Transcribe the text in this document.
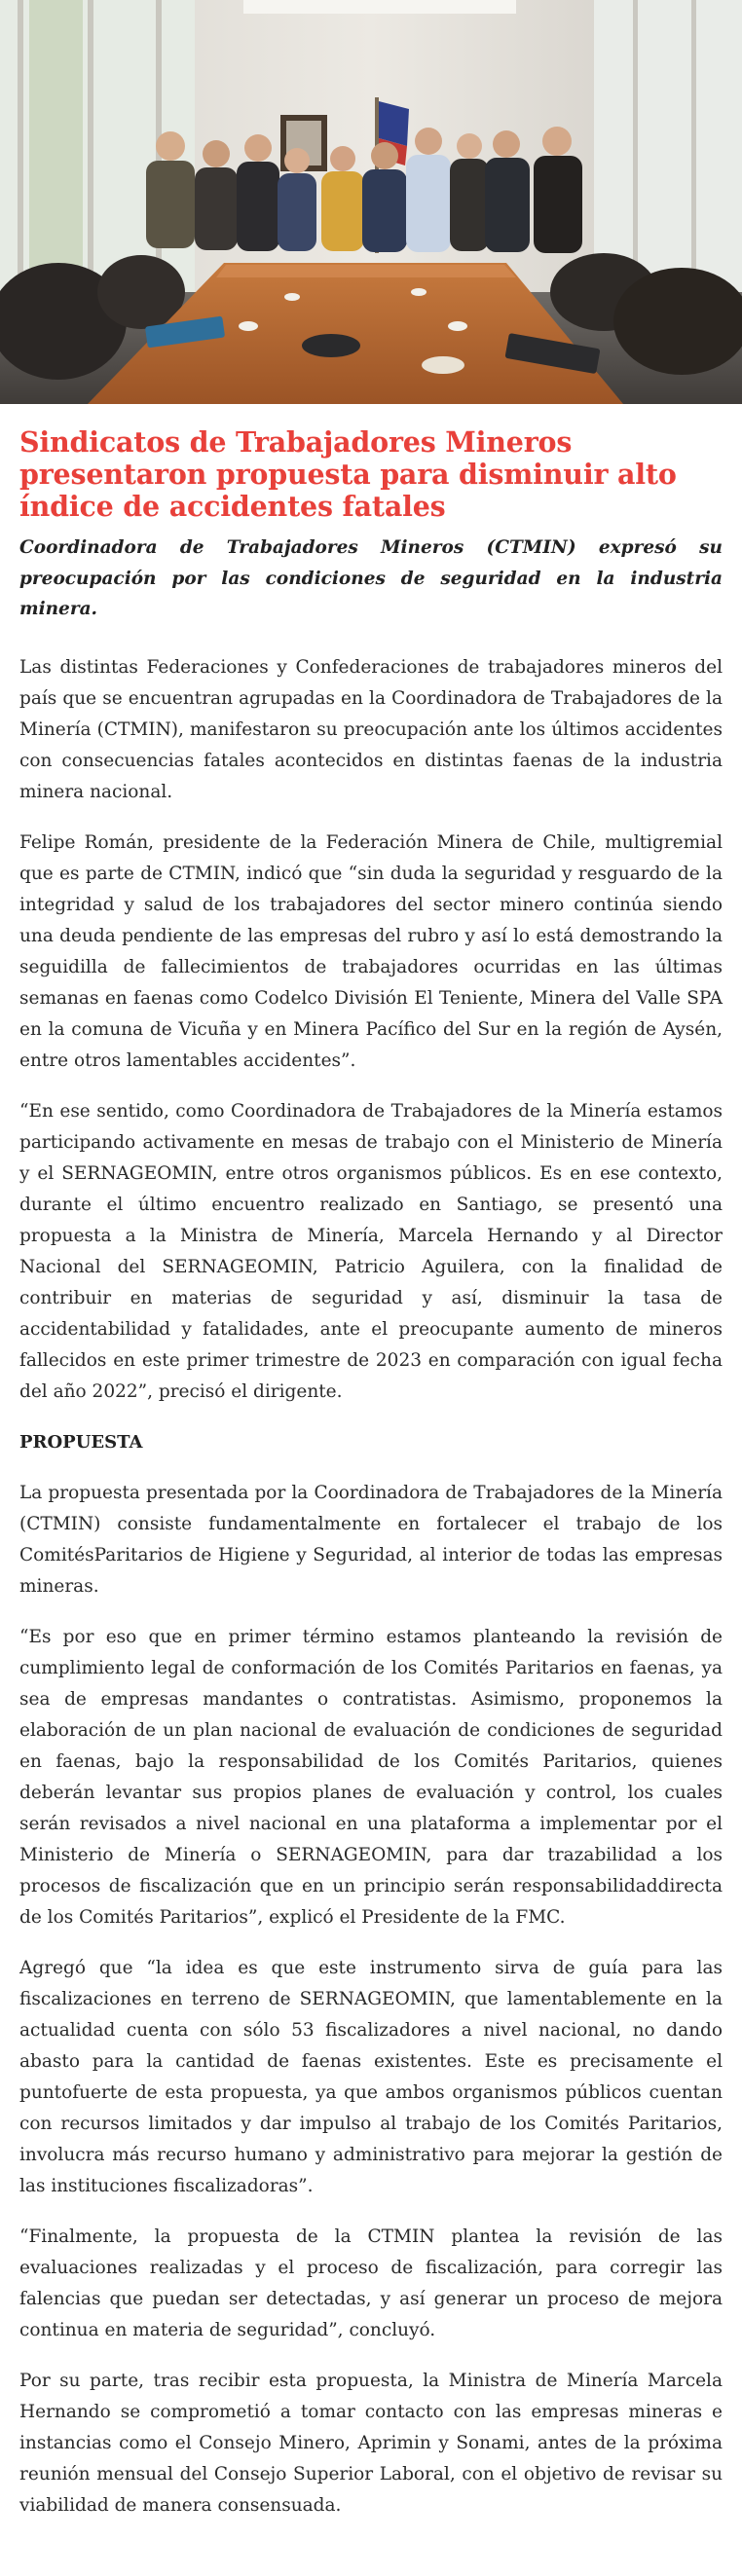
Sindicatos de Trabajadores Mineros presentaron propuesta para disminuir alto índice de accidentes fatales

Coordinadora de Trabajadores Mineros (CTMIN) expresó su preocupación por las condiciones de seguridad en la industria minera.

Las distintas Federaciones y Confederaciones de trabajadores mineros del país que se encuentran agrupadas en la Coordinadora de Trabajadores de la Minería (CTMIN), manifestaron su preocupación ante los últimos accidentes con consecuencias fatales acontecidos en distintas faenas de la industria minera nacional.

Felipe Román, presidente de la Federación Minera de Chile, multigremial que es parte de CTMIN, indicó que “sin duda la seguridad y resguardo de la integridad y salud de los trabajadores del sector minero continúa siendo una deuda pendiente de las empresas del rubro y así lo está demostrando la seguidilla de fallecimientos de trabajadores ocurridas en las últimas semanas en faenas como Codelco División El Teniente, Minera del Valle SPA en la comuna de Vicuña y en Minera Pacífico del Sur en la región de Aysén, entre otros lamentables accidentes”.

“En ese sentido, como Coordinadora de Trabajadores de la Minería estamos participando activamente en mesas de trabajo con el Ministerio de Minería y el SERNAGEOMIN, entre otros organismos públicos. Es en ese contexto, durante el último encuentro realizado en Santiago, se presentó una propuesta a la Ministra de Minería, Marcela Hernando y al Director Nacional del SERNAGEOMIN, Patricio Aguilera, con la finalidad de contribuir en materias de seguridad y así, disminuir la tasa de accidentabilidad y fatalidades, ante el preocupante aumento de mineros fallecidos en este primer trimestre de 2023 en comparación con igual fecha del año 2022”, precisó el dirigente.

PROPUESTA

La propuesta presentada por la Coordinadora de Trabajadores de la Minería (CTMIN) consiste fundamentalmente en fortalecer el trabajo de los ComitésParitarios de Higiene y Seguridad, al interior de todas las empresas mineras.

“Es por eso que en primer término estamos planteando la revisión de cumplimiento legal de conformación de los Comités Paritarios en faenas, ya sea de empresas mandantes o contratistas. Asimismo, proponemos la elaboración de un plan nacional de evaluación de condiciones de seguridad en faenas, bajo la responsabilidad de los Comités Paritarios, quienes deberán levantar sus propios planes de evaluación y control, los cuales serán revisados a nivel nacional en una plataforma a implementar por el Ministerio de Minería o SERNAGEOMIN, para dar trazabilidad a los procesos de fiscalización que en un principio serán responsabilidaddirecta de los Comités Paritarios”, explicó el Presidente de la FMC.

Agregó que “la idea es que este instrumento sirva de guía para las fiscalizaciones en terreno de SERNAGEOMIN, que lamentablemente en la actualidad cuenta con sólo 53 fiscalizadores a nivel nacional, no dando abasto para la cantidad de faenas existentes. Este es precisamente el puntofuerte de esta propuesta, ya que ambos organismos públicos cuentan con recursos limitados y dar impulso al trabajo de los Comités Paritarios, involucra más recurso humano y administrativo para mejorar la gestión de las instituciones fiscalizadoras”.

“Finalmente, la propuesta de la CTMIN plantea la revisión de las evaluaciones realizadas y el proceso de fiscalización, para corregir las falencias que puedan ser detectadas, y así generar un proceso de mejora continua en materia de seguridad”, concluyó.

Por su parte, tras recibir esta propuesta, la Ministra de Minería Marcela Hernando se comprometió a tomar contacto con las empresas mineras e instancias como el Consejo Minero, Aprimin y Sonami, antes de la próxima reunión mensual del Consejo Superior Laboral, con el objetivo de revisar su viabilidad de manera consensuada.
